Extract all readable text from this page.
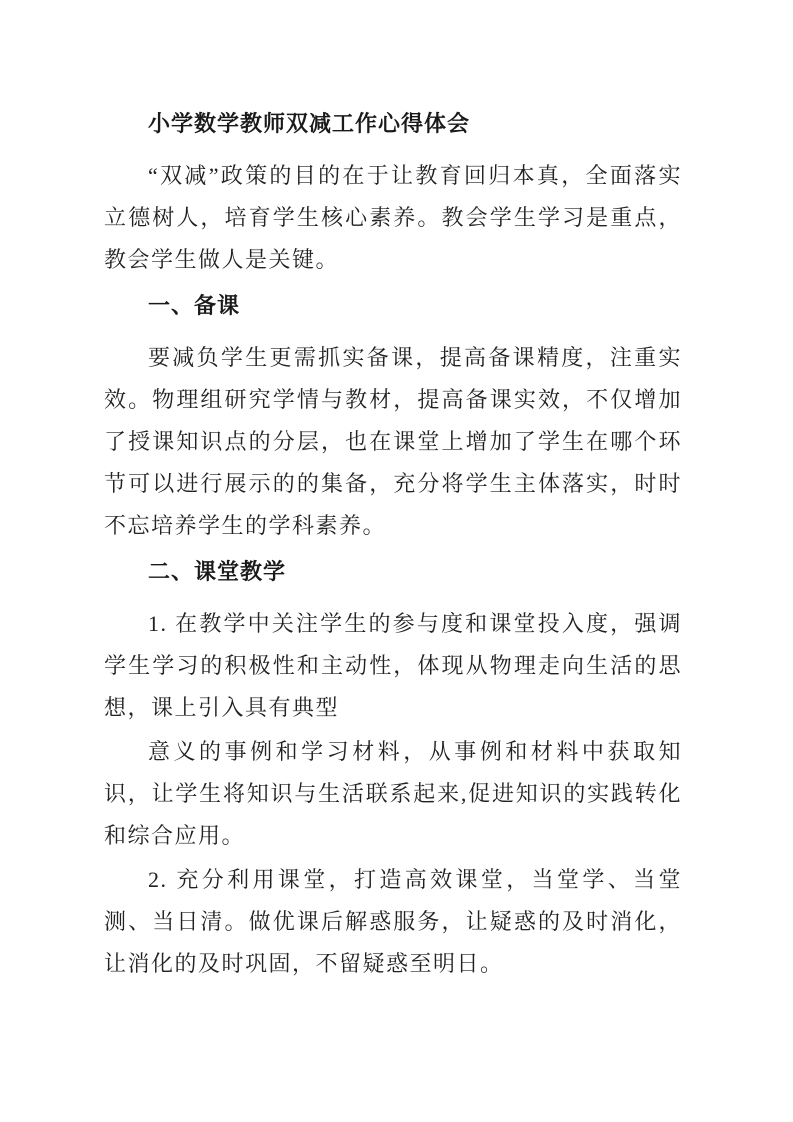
小学数学教师双减工作心得体会

“双减”政策的目的在于让教育回归本真，全面落实立德树人，培育学生核心素养。教会学生学习是重点，教会学生做人是关键。

一、备课

要减负学生更需抓实备课，提高备课精度，注重实效。物理组研究学情与教材，提高备课实效，不仅增加了授课知识点的分层，也在课堂上增加了学生在哪个环节可以进行展示的的集备，充分将学生主体落实，时时不忘培养学生的学科素养。

二、课堂教学

1. 在教学中关注学生的参与度和课堂投入度，强调学生学习的积极性和主动性，体现从物理走向生活的思想，课上引入具有典型

意义的事例和学习材料，从事例和材料中获取知识，让学生将知识与生活联系起来,促进知识的实践转化和综合应用。

2. 充分利用课堂，打造高效课堂，当堂学、当堂测、当日清。做优课后解惑服务，让疑惑的及时消化，让消化的及时巩固，不留疑惑至明日。
